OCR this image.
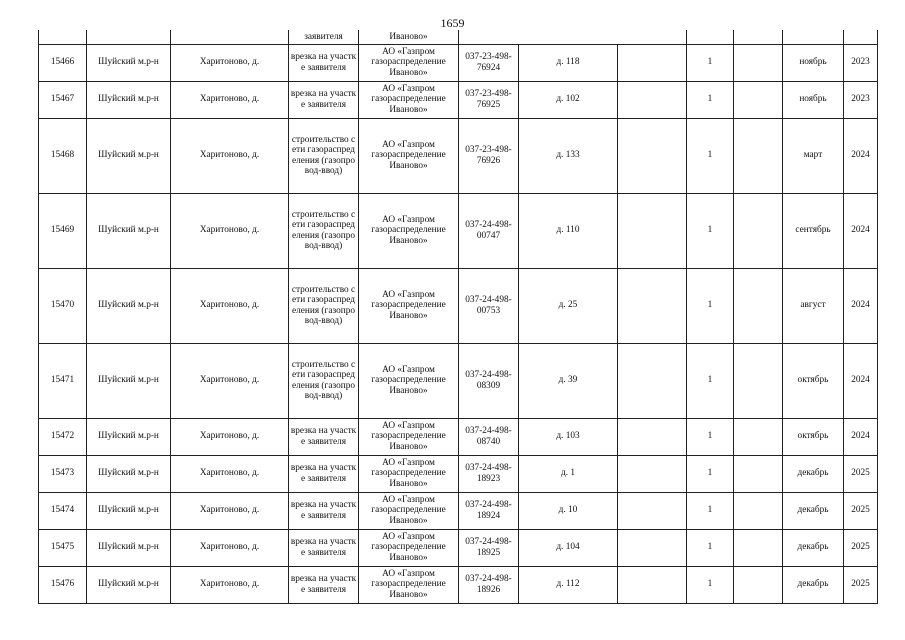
1659
			заявителя	Иваново»							
15466	Шуйский м.р-н	Харитоново, д.	врезка на участке заявителя	АО «Газпром газораспределение Иваново»	037-23-498-76924	д. 118		1		ноябрь	2023
15467	Шуйский м.р-н	Харитоново, д.	врезка на участке заявителя	АО «Газпром газораспределение Иваново»	037-23-498-76925	д. 102		1		ноябрь	2023
15468	Шуйский м.р-н	Харитоново, д.	строительство сети газораспределения (газопровод-ввод)	АО «Газпром газораспределение Иваново»	037-23-498-76926	д. 133		1		март	2024
15469	Шуйский м.р-н	Харитоново, д.	строительство сети газораспределения (газопровод-ввод)	АО «Газпром газораспределение Иваново»	037-24-498-00747	д. 110		1		сентябрь	2024
15470	Шуйский м.р-н	Харитоново, д.	строительство сети газораспределения (газопровод-ввод)	АО «Газпром газораспределение Иваново»	037-24-498-00753	д. 25		1		август	2024
15471	Шуйский м.р-н	Харитоново, д.	строительство сети газораспределения (газопровод-ввод)	АО «Газпром газораспределение Иваново»	037-24-498-08309	д. 39		1		октябрь	2024
15472	Шуйский м.р-н	Харитоново, д.	врезка на участке заявителя	АО «Газпром газораспределение Иваново»	037-24-498-08740	д. 103		1		октябрь	2024
15473	Шуйский м.р-н	Харитоново, д.	врезка на участке заявителя	АО «Газпром газораспределение Иваново»	037-24-498-18923	д. 1		1		декабрь	2025
15474	Шуйский м.р-н	Харитоново, д.	врезка на участке заявителя	АО «Газпром газораспределение Иваново»	037-24-498-18924	д. 10		1		декабрь	2025
15475	Шуйский м.р-н	Харитоново, д.	врезка на участке заявителя	АО «Газпром газораспределение Иваново»	037-24-498-18925	д. 104		1		декабрь	2025
15476	Шуйский м.р-н	Харитоново, д.	врезка на участке заявителя	АО «Газпром газораспределение Иваново»	037-24-498-18926	д. 112		1		декабрь	2025
